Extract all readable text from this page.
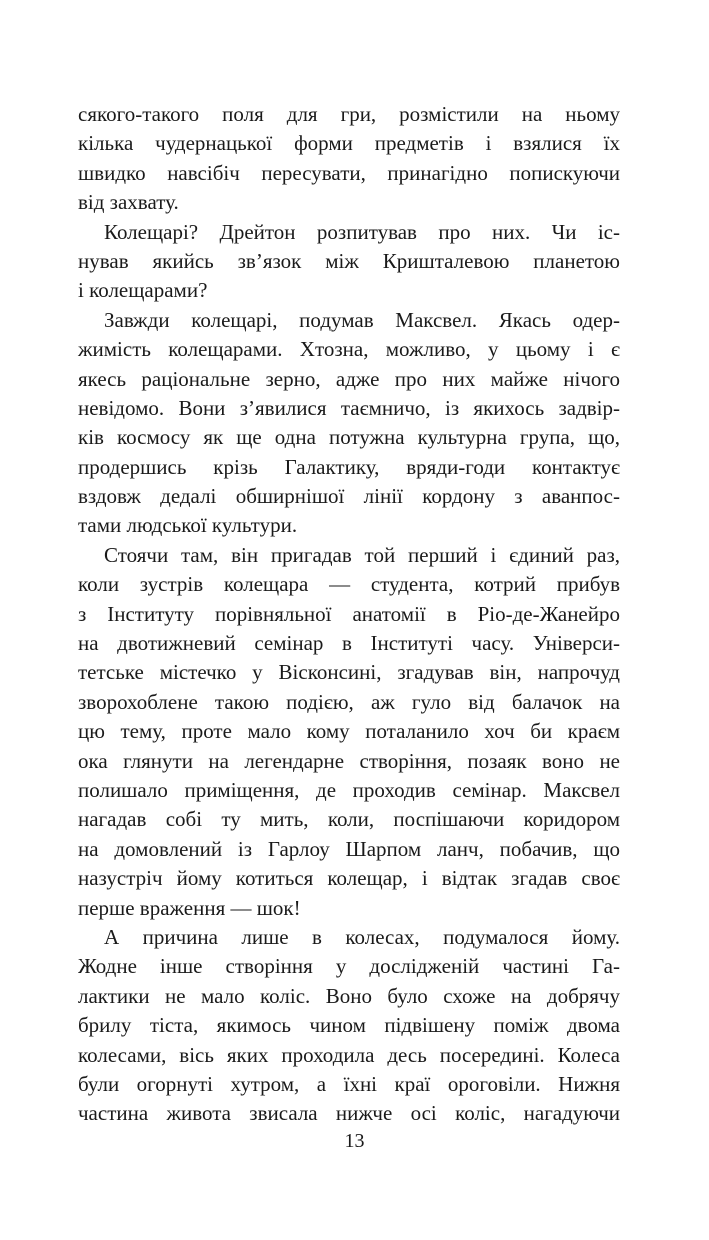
сякого-такого поля для гри, розмістили на ньому
кілька чудернацької форми предметів і взялися їх
швидко навсібіч пересувати, принагідно попискуючи
від захвату.
Колещарі? Дрейтон розпитував про них. Чи іс-
нував якийсь зв’язок між Кришталевою планетою
і колещарами?
Завжди колещарі, подумав Максвел. Якась одер-
жимість колещарами. Хтозна, можливо, у цьому і є
якесь раціональне зерно, адже про них майже нічого
невідомо. Вони з’явилися таємничо, із якихось задвір-
ків космосу як ще одна потужна культурна група, що,
продершись крізь Галактику, вряди-годи контактує
вздовж дедалі обширнішої лінії кордону з аванпос-
тами людської культури.
Стоячи там, він пригадав той перший і єдиний раз,
коли зустрів колещара — студента, котрий прибув
з Інституту порівняльної анатомії в Ріо-де-Жанейро
на двотижневий семінар в Інституті часу. Універси-
тетське містечко у Вісконсині, згадував він, напрочуд
зворохоблене такою подією, аж гуло від балачок на
цю тему, проте мало кому поталанило хоч би краєм
ока глянути на легендарне створіння, позаяк воно не
полишало приміщення, де проходив семінар. Максвел
нагадав собі ту мить, коли, поспішаючи коридором
на домовлений із Гарлоу Шарпом ланч, побачив, що
назустріч йому котиться колещар, і відтак згадав своє
перше враження — шок!
А причина лише в колесах, подумалося йому.
Жодне інше створіння у дослідженій частині Га-
лактики не мало коліс. Воно було схоже на добрячу
брилу тіста, якимось чином підвішену поміж двома
колесами, вісь яких проходила десь посередині. Колеса
були огорнуті хутром, а їхні краї ороговіли. Нижня
частина живота звисала нижче осі коліс, нагадуючи
13
